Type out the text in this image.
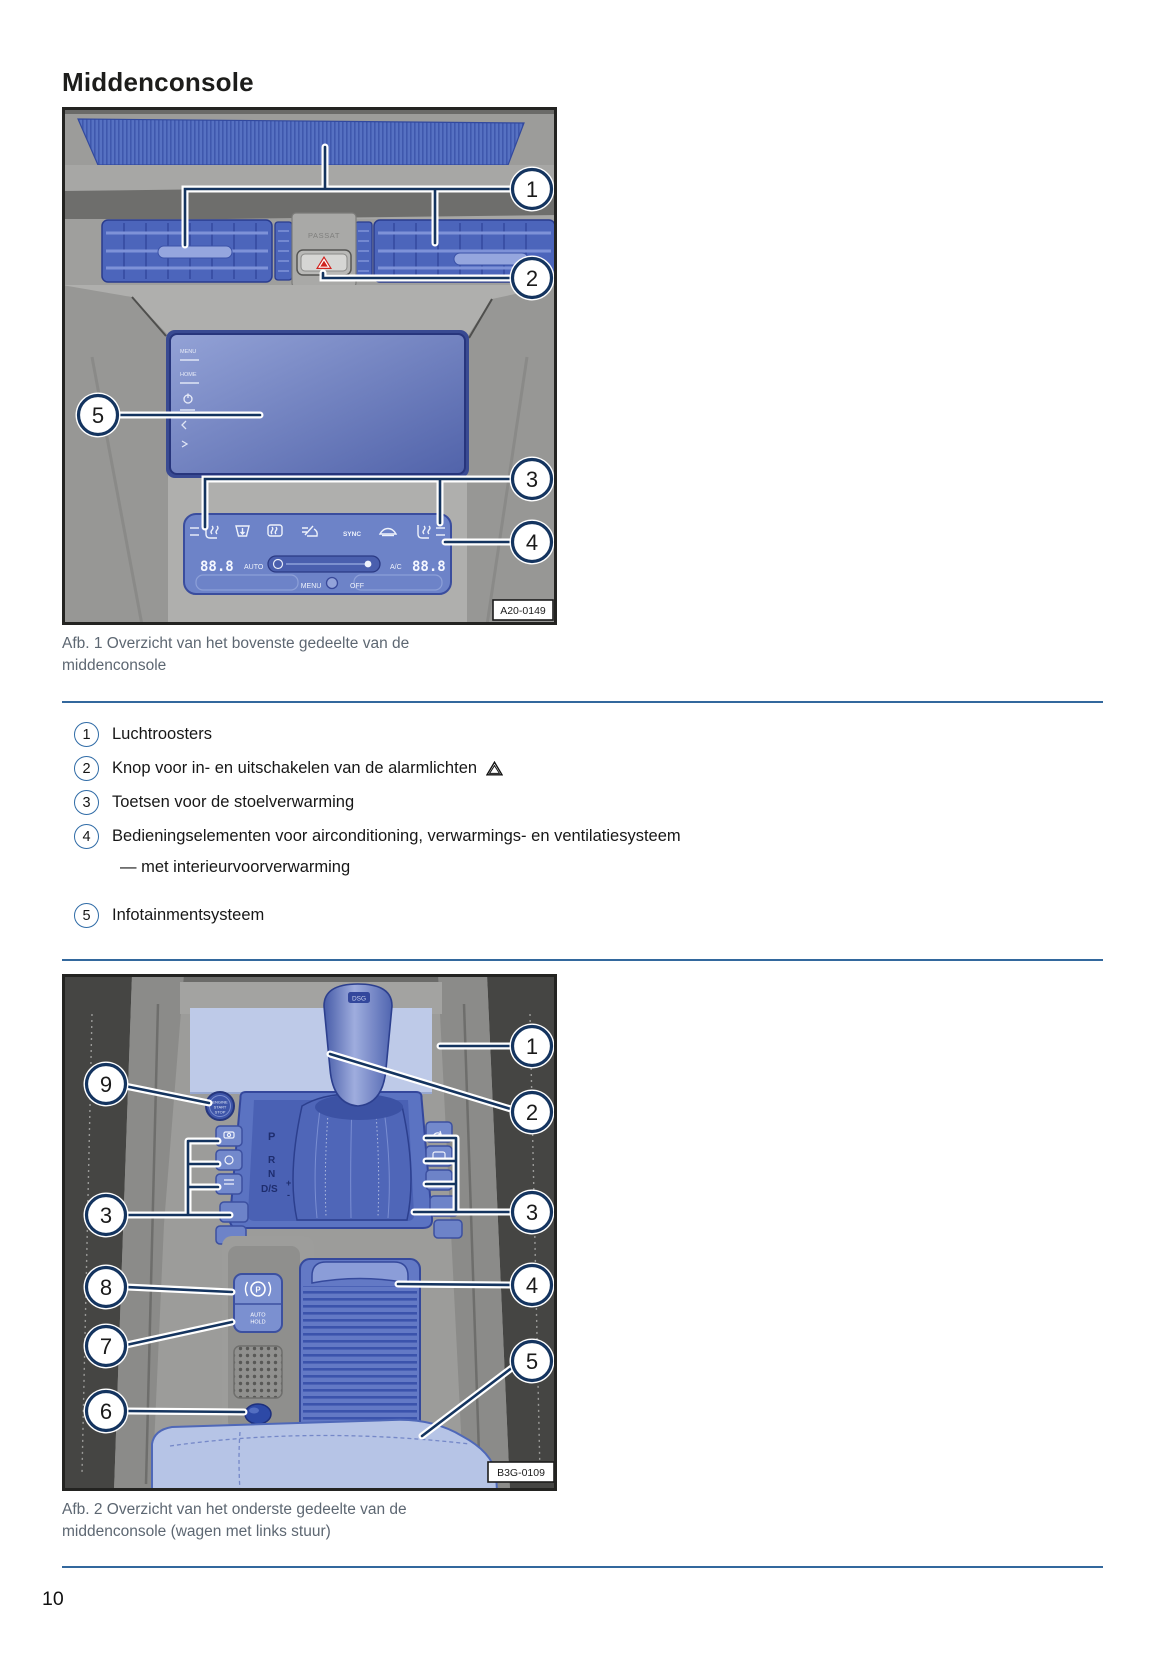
Middenconsole
PASSAT
MENU
HOME
SYNC
88.8 AUTO	A/C 88.8
MENU	OFF
1
2
3
4
5
A20-0149
Afb. 1 Overzicht van het bovenste gedeelte van de middenconsole
1	Luchtroosters
2	Knop voor in- en uitschakelen van de alarmlichten
3	Toetsen voor de stoelverwarming
4	Bedieningselementen voor airconditioning, verwarmings- en ventilatiesysteem
— met interieurvoorverwarming
5	Infotainmentsysteem
P
R
N
D/S
+
-
DSG
ENGINE
START
STOP
P
AUTO
HOLD
1
2
9
3	3
8	4
7
5
6
B3G-0109
Afb. 2 Overzicht van het onderste gedeelte van de middenconsole (wagen met links stuur)
10
